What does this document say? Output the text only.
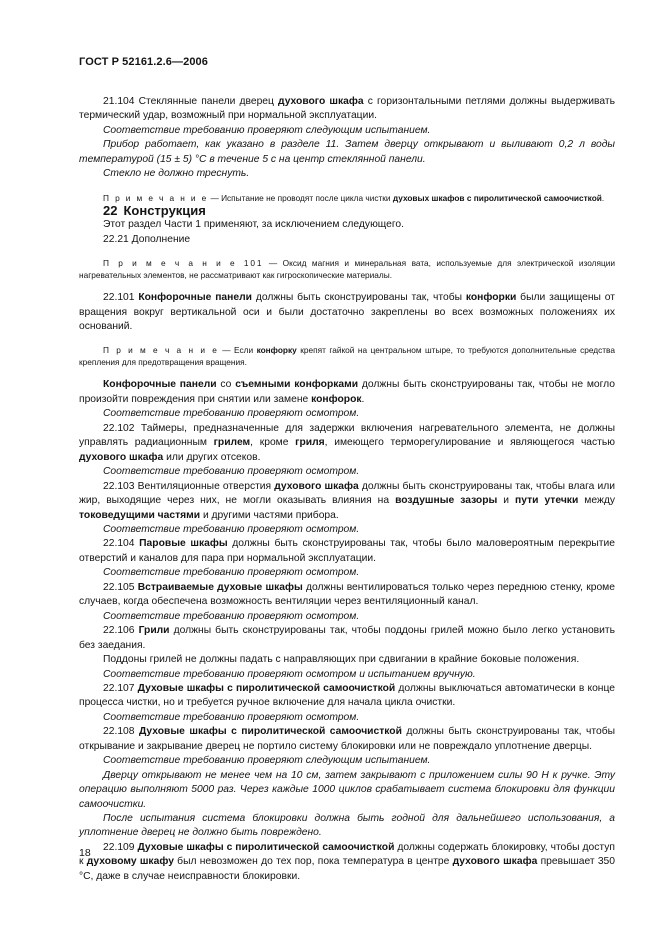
ГОСТ Р 52161.2.6—2006

21.104 Стеклянные панели дверец духового шкафа с горизонтальными петлями должны выдерживать термический удар, возможный при нормальной эксплуатации.

Соответствие требованию проверяют следующим испытанием.

Прибор работает, как указано в разделе 11. Затем дверцу открывают и выливают 0,2 л воды температурой (15 ± 5) °С в течение 5 с на центр стеклянной панели.

Стекло не должно треснуть.

П р и м е ч а н и е — Испытание не проводят после цикла чистки духовых шкафов с пиролитической самоочисткой.

22 Конструкция

Этот раздел Части 1 применяют, за исключением следующего.

22.21 Дополнение

П р и м е ч а н и е 101 — Оксид магния и минеральная вата, используемые для электрической изоляции нагревательных элементов, не рассматривают как гигроскопические материалы.

22.101 Конфорочные панели должны быть сконструированы так, чтобы конфорки были защищены от вращения вокруг вертикальной оси и были достаточно закреплены во всех возможных положениях их оснований.

П р и м е ч а н и е — Если конфорку крепят гайкой на центральном штыре, то требуются дополнительные средства крепления для предотвращения вращения.

Конфорочные панели со съемными конфорками должны быть сконструированы так, чтобы не могло произойти повреждения при снятии или замене конфорок.

Соответствие требованию проверяют осмотром.

22.102 Таймеры, предназначенные для задержки включения нагревательного элемента, не должны управлять радиационным грилем, кроме гриля, имеющего терморегулирование и являющегося частью духового шкафа или других отсеков.

Соответствие требованию проверяют осмотром.

22.103 Вентиляционные отверстия духового шкафа должны быть сконструированы так, чтобы влага или жир, выходящие через них, не могли оказывать влияния на воздушные зазоры и пути утечки между токоведущими частями и другими частями прибора.

Соответствие требованию проверяют осмотром.

22.104 Паровые шкафы должны быть сконструированы так, чтобы было маловероятным перекрытие отверстий и каналов для пара при нормальной эксплуатации.

Соответствие требованию проверяют осмотром.

22.105 Встраиваемые духовые шкафы должны вентилироваться только через переднюю стенку, кроме случаев, когда обеспечена возможность вентиляции через вентиляционный канал.

Соответствие требованию проверяют осмотром.

22.106 Грили должны быть сконструированы так, чтобы поддоны грилей можно было легко установить без заедания.

Поддоны грилей не должны падать с направляющих при сдвигании в крайние боковые положения.

Соответствие требованию проверяют осмотром и испытанием вручную.

22.107 Духовые шкафы с пиролитической самоочисткой должны выключаться автоматически в конце процесса чистки, но и требуется ручное включение для начала цикла очистки.

Соответствие требованию проверяют осмотром.

22.108 Духовые шкафы с пиролитической самоочисткой должны быть сконструированы так, чтобы открывание и закрывание дверец не портило систему блокировки или не повреждало уплотнение дверцы.

Соответствие требованию проверяют следующим испытанием.

Дверцу открывают не менее чем на 10 см, затем закрывают с приложением силы 90 Н к ручке. Эту операцию выполняют 5000 раз. Через каждые 1000 циклов срабатывает система блокировки для функции самоочистки.

После испытания система блокировки должна быть годной для дальнейшего использования, а уплотнение дверец не должно быть повреждено.

22.109 Духовые шкафы с пиролитической самоочисткой должны содержать блокировку, чтобы доступ к духовому шкафу был невозможен до тех пор, пока температура в центре духового шкафа превышает 350 °С, даже в случае неисправности блокировки.

18
